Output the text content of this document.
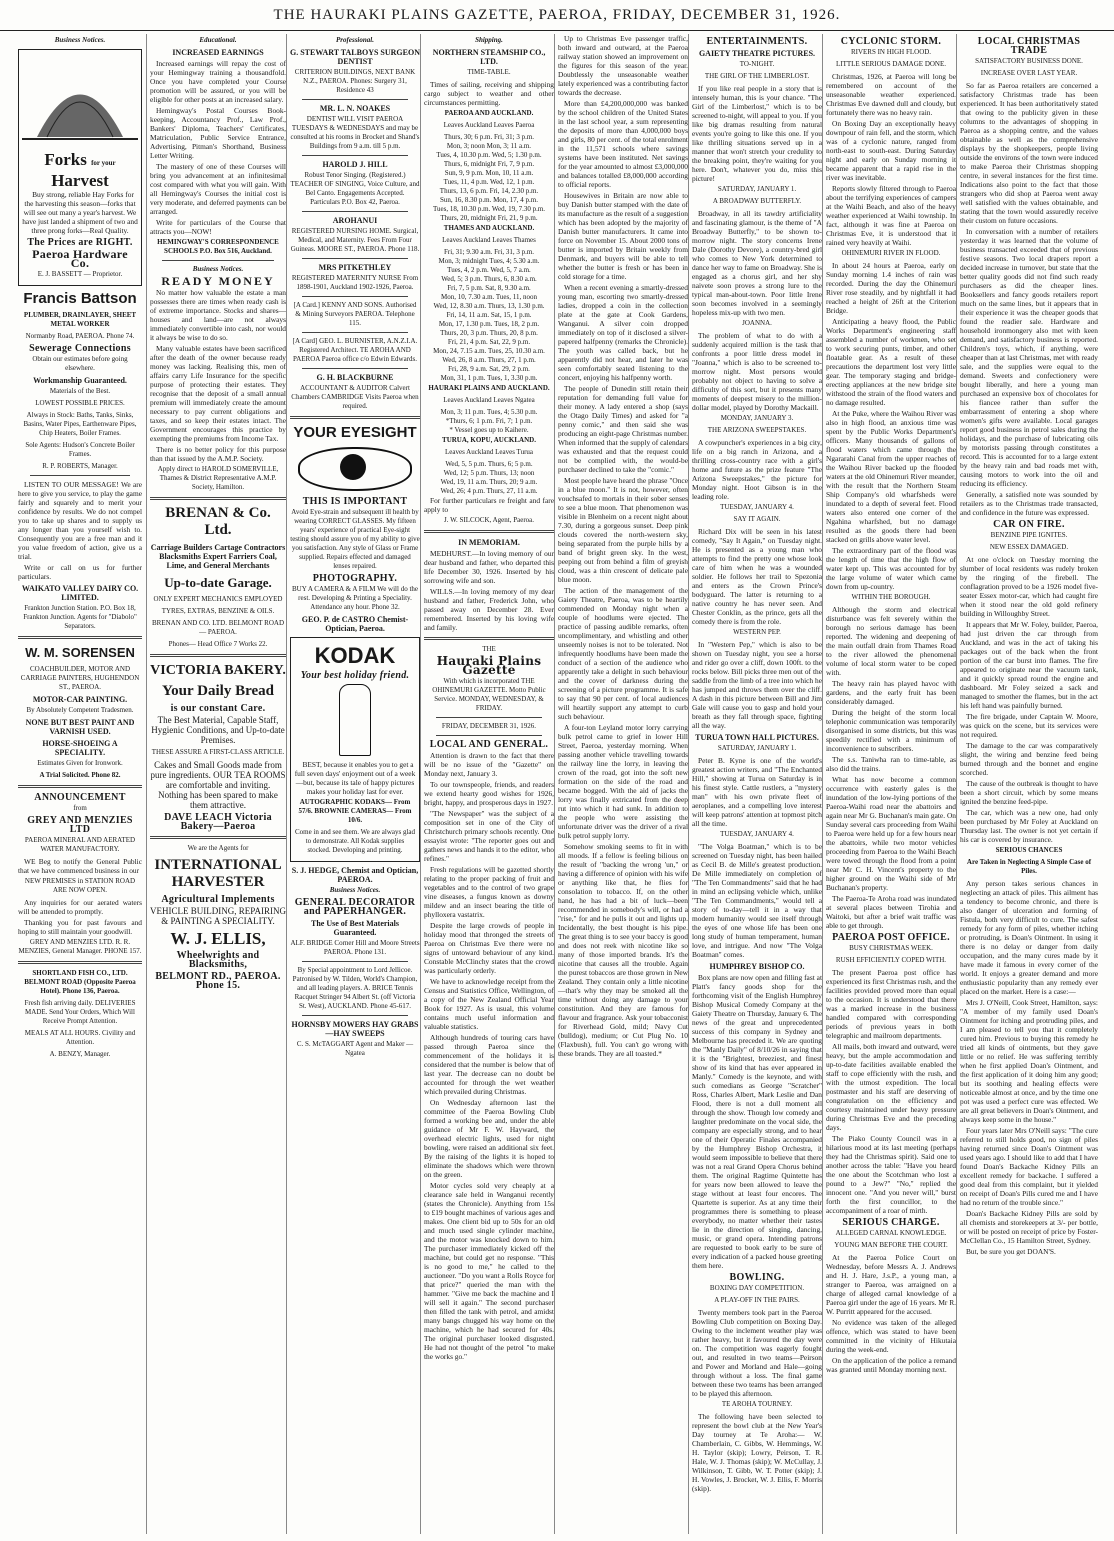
THE HAURAKI PLAINS GAZETTE, PAEROA, FRIDAY, DECEMBER 31, 1926.
Business Notices.
Forks for your Harvest

Buy strong, reliable Hay Forks for the harvesting this season—forks that will see out many a year's harvest. We have just landed a shipment of two and three prong forks—Real Quality.

The Prices are RIGHT.
Paeroa Hardware Co.
E. J. BASSETT — Proprietor.
Francis Battson
PLUMBER, DRAINLAYER, SHEET METAL WORKER
Normanby Road, PAEROA. Phone 74.
Sewerage Connections
Obtain our estimates before going elsewhere.
Workmanship Guaranteed.
Materials of the Best.
LOWEST POSSIBLE PRICES.
Always in Stock: Baths, Tanks, Sinks, Basins, Water Pipes, Earthenware Pipes, Chip Heaters, Boiler Frames.
Sole Agents: Hudson's Concrete Boiler Frames.
R. P. ROBERTS, Manager.

LISTEN TO OUR MESSAGE! We are here to give you service, to play the game fairly and squarely and to merit your confidence by results. We do not compel you to take up shares and to supply us any longer than you yourself wish to. Consequently you are a free man and it you value freedom of action, give us a trial.

Write or call on us for further particulars.

WAIKATO VALLEY DAIRY CO. LIMITED.
Frankton Junction Station. P.O. Box 18, Frankton Junction. Agents for "Diabolo" Separators.
W. M. SORENSEN
COACHBUILDER, MOTOR AND CARRIAGE PAINTERS, HUGHENDON ST., PAEROA.
MOTOR-CAR PAINTING.
By Absolutely Competent Tradesmen.
NONE BUT BEST PAINT AND VARNISH USED.
HORSE-SHOEING A SPECIALITY.
Estimates Given for Ironwork.
A Trial Solicited. Phone 82.
ANNOUNCEMENT
from
GREY AND MENZIES LTD
PAEROA MINERAL AND AERATED WATER MANUFACTORY.

WE Beg to notify the General Public that we have commenced business in our

NEW PREMISES in STATION ROAD ARE NOW OPEN.

Any inquiries for our aerated waters will be attended to promptly.

Thanking you for past favours and hoping to still maintain your goodwill.

GREY AND MENZIES LTD. R. R. MENZIES, General Manager. PHONE 157.
SHORTLAND FISH CO., LTD. BELMONT ROAD (Opposite Paeroa Hotel). Phone 136, Paeroa.
Fresh fish arriving daily. DELIVERIES MADE. Send Your Orders, Which Will Receive Prompt Attention.
MEALS AT ALL HOURS. Civility and Attention.
A. BENZY, Manager.
Educational.
INCREASED EARNINGS

Increased earnings will repay the cost of your Hemingway training a thousandfold. Once you have completed your Course promotion will be assured, or you will be eligible for other posts at an increased salary.

Hemingway's Postal Courses Book-keeping, Accountancy Prof., Law Prof., Bankers' Diploma, Teachers' Certificates, Matriculation, Public Service Entrance, Advertising, Pitman's Shorthand, Business Letter Writing.

The mastery of one of these Courses will bring you advancement at an infinitesimal cost compared with what you will gain. With all Hemingway's Courses the initial cost is very moderate, and deferred payments can be arranged.

Write for particulars of the Course that attracts you—NOW!

HEMINGWAY'S CORRESPONDENCE SCHOOLS P.O. Box 516, Auckland.
Business Notices.
READY MONEY

No matter how valuable the estate a man possesses there are times when ready cash is of extreme importance. Stocks and shares—houses and land—are not always immediately convertible into cash, nor would it always be wise to do so.

Many valuable estates have been sacrificed after the death of the owner because ready money was lacking. Realising this, men of affairs carry Life Insurance for the specific purpose of protecting their estates. They recognise that the deposit of a small annual premium will immediately create the amount necessary to pay current obligations and taxes, and so keep their estates intact. The Government encourages this practice by exempting the premiums from Income Tax.

There is no better policy for this purpose than that issued by the A.M.P. Society.

Apply direct to HAROLD SOMERVILLE, Thames & District Representative A.M.P. Society, Hamilton.
BRENAN & Co. Ltd.
Carriage Builders Cartage Contractors Blacksmiths Expert Farriers Coal, Lime, and General Merchants
Up-to-date Garage.
ONLY EXPERT MECHANICS EMPLOYED
TYRES, EXTRAS, BENZINE & OILS.
BRENAN AND CO. LTD. BELMONT ROAD — PAEROA.
Phones— Head Office 7 Works 22.
VICTORIA BAKERY.
Your Daily Bread
is our constant Care.
The Best Material, Capable Staff, Hygienic Conditions, and Up-to-date Premises.
THESE ASSURE A FIRST-CLASS ARTICLE.
Cakes and Small Goods made from pure ingredients. OUR TEA ROOMS are comfortable and inviting. Nothing has been spared to make them attractive.
DAVE LEACH Victoria Bakery—Paeroa
We are the Agents for
INTERNATIONAL HARVESTER
Agricultural Implements
VEHICLE BUILDING, REPAIRING & PAINTING A SPECIALITY.
W. J. ELLIS,
Wheelwrights and Blacksmiths,
BELMONT RD., PAEROA. Phone 15.
Professional.
G. STEWART TALBOYS SURGEON DENTIST
CRITERION BUILDINGS, NEXT BANK N.Z., PAEROA. Phones: Surgery 31, Residence 43
MR. L. N. NOAKES
DENTIST WILL VISIT PAEROA TUESDAYS & WEDNESDAYS and may be consulted at his rooms in Brocket and Shand's Buildings from 9 a.m. till 5 p.m.
HAROLD J. HILL
Robust Tenor Singing. (Registered.) TEACHER OF SINGING, Voice Culture, and Bel Canto. Engagements Accepted. Particulars P.O. Box 42, Paeroa.
AROHANUI
REGISTERED NURSING HOME. Surgical, Medical, and Maternity. Fees From Four Guineas. MOORE ST., PAEROA. Phone 118.
MRS PITKETHLEY
REGISTERED MATERNITY NURSE From 1898-1901, Auckland 1902-1926, Paeroa.
[A Card.] KENNY AND SONS. Authorised & Mining Surveyors PAEROA. Telephone 115.
[A Card] GEO. L. BURNISTER, A.N.Z.I.A. Registered Architect. TE AROHA AND PAEROA Paeroa office c/o Edwin Edwards.
G. H. BLACKBURNE
ACCOUNTANT & AUDITOR Calvert Chambers CAMBRIDGE Visits Paeroa when required.
YOUR EYESIGHT
THIS IS IMPORTANT
Avoid Eye-strain and subsequent ill health by wearing CORRECT GLASSES. My fifteen years' experience of practical Eye-sight testing should assure you of my ability to give you satisfaction. Any style of Glass or Frame supplied. Repairs effected and damaged lenses repaired.
PHOTOGRAPHY.
BUY A CAMERA & A FILM We will do the rest. Developing & Printing a Speciality. Attendance any hour. Phone 32.
GEO. P. de CASTRO Chemist-Optician, Paeroa.
KODAK
Your best holiday friend.

BEST, because it enables you to get a full seven days' enjoyment out of a week—but, because its tale of happy pictures makes your holiday last for ever.

AUTOGRAPHIC KODAKS— From 57/6. BROWNIE CAMERAS— From 10/6.
Come in and see them. We are always glad to demonstrate. All Kodak supplies stocked. Developing and printing.
S. J. HEDGE, Chemist and Optician, PAEROA.
Business Notices.
GENERAL DECORATOR and PAPERHANGER.
The Use of Best Materials Guaranteed.
ALF. BRIDGE Corner Hill and Moore Streets PAEROA. Phone 131.
By Special appointment to Lord Jellicoe. Patronised by W. Tilden, World's Champion, and all leading players. A. BRICE Tennis Racquet Stringer 94 Albert St. (off Victoria St. West), AUCKLAND. Phone 45-617.
HORNSBY MOWERS HAY GRABS—HAY SWEEPS
C. S. McTAGGART Agent and Maker — Ngatea
Shipping.
NORTHERN STEAMSHIP CO., LTD.
TIME-TABLE.

Times of sailing, receiving and shipping cargo subject to weather and other circumstances permitting.

PAEROA AND AUCKLAND.
Leaves Auckland Leaves Paeroa
Thurs, 30; 6 p.m. Fri, 31; 3 p.m.
Mon, 3; noon Mon, 3; 11 a.m.
Tues, 4, 10.30 p.m. Wed, 5; 1.30 p.m.
Thurs, 6, midnight Fri, 7, 9 p.m.
Sun, 9, 9 p.m. Mon, 10, 11 a.m.
Tues, 11, 4 p.m. Wed, 12, 1 p.m.
Thurs, 13, 6 p.m. Fri, 14, 2.30 p.m.
Sun, 16, 8.30 p.m. Mon, 17, 4 p.m.
Tues, 18, 10.30 p.m. Wed, 19, 7.30 p.m.
Thurs, 20, midnight Fri, 21, 9 p.m.
THAMES AND AUCKLAND.
Leaves Auckland Leaves Thames
Fri, 31; 9.30 a.m. Fri, 31, 3 p.m.
Mon, 3; midnight Tues, 4; 5.30 a.m.
Tues, 4, 2 p.m. Wed, 5, 7 a.m.
Wed, 5; 3 p.m. Thurs, 6, 8.30 a.m.
Fri, 7, 5 p.m. Sat, 8, 9.30 a.m.
Mon, 10, 7.30 a.m. Tues, 11, noon
Wed, 12, 8.30 a.m. Thurs, 13, 1.30 p.m.
Fri, 14, 11 a.m. Sat, 15, 1 p.m.
Mon, 17, 1.30 p.m. Tues, 18, 2 p.m.
Thurs, 20, 3 p.m. Thurs, 20, 8 p.m.
Fri, 21, 4 p.m. Sat, 22, 9 p.m.
Mon, 24, 7.15 a.m. Tues, 25, 10.30 a.m.
Wed, 26, 8 a.m. Thurs, 27, 1 p.m.
Fri, 28, 9 a.m. Sat, 29, 2 p.m.
Mon, 31, 1 p.m. Tues, 1, 3.30 p.m.
HAURAKI PLAINS AND AUCKLAND.
Leaves Auckland Leaves Ngatea
Mon, 3; 11 p.m. Tues, 4; 5.30 p.m.
*Thurs, 6; 1 p.m. Fri, 7; 1 p.m.
* Vessel goes up to Kaihere.
TURUA, KOPU, AUCKLAND.
Leaves Auckland Leaves Turua
Wed, 5, 5 p.m. Thurs, 6; 5 p.m.
Wed, 12; 5 p.m. Thurs, 13; noon
Wed, 19, 11 a.m. Thurs, 20; 9 a.m.
Wed, 26; 4 p.m. Thurs, 27, 11 a.m.

For further particulars re freight and fare apply to

J. W. SILCOCK, Agent, Paeroa.
IN MEMORIAM.

MEDHURST.—In loving memory of our dear husband and father, who departed this life December 30, 1926. Inserted by his sorrowing wife and son.

WILLS.—In loving memory of my dear husband and father, Frederick John, who passed away on December 28. Ever remembered. Inserted by his loving wife and family.

THE
Hauraki Plains Gazette
With which is incorporated THE OHINEMURI GAZETTE. Motto Public Service. MONDAY, WEDNESDAY, & FRIDAY.
FRIDAY, DECEMBER 31, 1926.
LOCAL AND GENERAL.

Attention is drawn to the fact that there will be no issue of the "Gazette" on Monday next, January 3.

To our townspeople, friends, and readers we extend hearty good wishes for 1926, bright, happy, and prosperous days in 1927.

"The Newspaper" was the subject of a composition set in one of the City of Christchurch primary schools recently. One essayist wrote: "The reporter goes out and gathers news and hands it to the editor, who refines."

Fresh regulations will be gazetted shortly relating to the proper packing of fruit and vegetables and to the control of two grape vine diseases, a fungus known as downy mildew and an insect bearing the title of phylloxera vastatrix.

Despite the large crowds of people in holiday mood that thronged the streets of Paeroa on Christmas Eve there were no signs of untoward behaviour of any kind. Constable McClinchy states that the crowd was particularly orderly.

We have to acknowledge receipt from the Census and Statistics Office, Wellington, of a copy of the New Zealand Official Year Book for 1927. As is usual, this volume contains much useful information and valuable statistics.

Although hundreds of touring cars have passed through Paeroa since the commencement of the holidays it is considered that the number is below that of last year. The decrease can no doubt be accounted for through the wet weather which prevailed during Christmas.

On Wednesday afternoon last the committee of the Paeroa Bowling Club formed a working bee and, under the able guidance of Mr F. W. Hayward, the overhead electric lights, used for night bowling, were raised an additional six feet. By the raising of the lights it is hoped to eliminate the shadows which were thrown on the green.

Motor cycles sold very cheaply at a clearance sale held in Wanganui recently (states the Chronicle). Anything from 15s to £19 bought machines of various ages and makes. One client bid up to 50s for an old and much used single cylinder machine, and the motor was knocked down to him. The purchaser immediately kicked off the machine, but could get no response. "This is no good to me," he called to the auctioneer. "Do you want a Rolls Royce for that price?" queried the man with the hammer. "Give me back the machine and I will sell it again." The second purchaser then filled the tank with petrol, and amidst many bangs chugged his way home on the machine, which he had secured for 40s. The original purchaser looked disgusted. He had not thought of the petrol "to make the works go."

Up to Christmas Eve passenger traffic, both inward and outward, at the Paeroa railway station showed an improvement on the figures for this season of the year. Doubtlessly the unseasonable weather lately experienced was a contributing factor towards the decrease.

More than £4,200,000,000 was banked by the school children of the United States in the last school year, a sum representing the deposits of more than 4,000,000 boys and girls, 80 per cent. of the total enrolment in the 11,571 schools where savings systems have been instituted. Net savings for the year amounted to almost £3,000,000 and balances totalled £8,000,000 according to official reports.

Housewives in Britain are now able to buy Danish butter stamped with the date of its manufacture as the result of a suggestion which has been adopted by the majority of Danish butter manufacturers. It came into force on November 15. About 2000 tons of butter is imported by Britain weekly from Denmark, and buyers will be able to tell whether the butter is fresh or has been in cold storage for a time.

When a recent evening a smartly-dressed young man, escorting two smartly-dressed ladies, dropped a coin in the collection plate at the gate at Cook Gardens, Wanganui. A silver coin dropped immediately on top of it disclosed a silver-papered halfpenny (remarks the Chronicle). The youth was called back, but he apparently did not hear, and later he was seen comfortably seated listening to the concert, enjoying his halfpenny worth.

The people of Dunedin still retain their reputation for demanding full value for their money. A lady entered a shop (says the Otago Daily Times) and asked for "a penny comic," and then said she was producing an eight-page Christmas number. When informed that the supply of calendars was exhausted and that the request could not be complied with, the would-be purchaser declined to take the "comic."

Most people have heard the phrase "Once in a blue moon." It is not, however, often vouchsafed to mortals in their sober senses to see a blue moon. That phenomenon was visible in Blenheim on a recent night about 7.30, during a gorgeous sunset. Deep pink clouds covered the north-western sky, being separated from the purple hills by a band of bright green sky. In the west, peeping out from behind a film of greyish cloud, was a thin crescent of delicate pale blue moon.

The action of the management of the Gaiety Theatre, Paeroa, was to be heartily commended on Monday night when a couple of hoodlums were ejected. The practice of passing audible remarks, often uncomplimentary, and whistling and other unseemly noises is not to be tolerated. Not infrequently hoodlums have been made the conduct of a section of the audience who apparently take a delight in such behaviour and the cover of darkness during the screening of a picture programme. It is safe to say that 90 per cent. of local audiences will heartily support any attempt to curb such behaviour.

A four-ton Leyland motor lorry carrying bulk petrol came to grief in lower Hill Street, Paeroa, yesterday morning. When passing another vehicle travelling towards the railway line the lorry, in leaving the crown of the road, got into the soft new formation on the side of the road and became bogged. With the aid of jacks the lorry was finally extricated from the deep rut into which it had sunk. In addition to the people who were assisting the unfortunate driver was the driver of a rival bulk petrol supply lorry.

Somehow smoking seems to fit in with all moods. If a fellow is feeling bilious on the result of "backing the wrong 'un," or having a difference of opinion with his wife or anything like that, he flies for consolation to tobacco. If, on the other hand, he has had a bit of luck—been recommended in somebody's will, or had a "rise," for and he pulls it out and lights up. Incidentally, the best thought is his pipe. The great thing is to see your baccy is good and does not reek with nicotine like so many of those imported brands. It's the nicotine that causes all the trouble. Again the purest tobaccos are those grown in New Zealand. They contain only a little nicotine—that's why they may be smoked all the time without doing any damage to your constitution. And they are famous for flavour and fragrance. Ask your tobacconist for Riverhead Gold, mild; Navy Cut (bulldog), medium; or Cut Plug No. 10 (Flaxbush), full. You can't go wrong with these brands. They are all toasted.*

ENTERTAINMENTS.
GAIETY THEATRE PICTURES.
TO-NIGHT.
THE GIRL OF THE LIMBERLOST.

If you like real people in a story that is intensely human, this is your chance. "The Girl of the Limberlost," which is to be screened to-night, will appeal to you. If you like big dramas resulting from natural events you're going to like this one. If you like thrilling situations served up in a manner that won't stretch your credulity to the breaking point, they're waiting for you here. Don't, whatever you do, miss this picture!

SATURDAY, JANUARY 1.
A BROADWAY BUTTERFLY.

Broadway, in all its tawdry artificiality and fascinating glamour, is the theme of "A Broadway Butterfly," to be shown to-morrow night. The story concerns Irene Dale (Dorothy Devore), a country-bred girl who comes to New York determined to dance her way to fame on Broadway. She is engaged as a chorus girl, and her shy naivete soon proves a strong lure to the typical man-about-town. Poor little Irene soon becomes involved in a seemingly hopeless mix-up with two men.

JOANNA.

The problem of what to do with a suddenly acquired million is the task that confronts a poor little dress model in "Joanna," which is also to be screened to-morrow night. Most persons would probably not object to having to solve a difficulty of this sort, but it presents many moments of deepest misery to the million-dollar model, played by Dorothy Mackaill.

MONDAY, JANUARY 3.
THE ARIZONA SWEEPSTAKES.

A cowpuncher's experiences in a big city, life on a big ranch in Arizona, and a thrilling cross-country race with a girl's home and future as the prize feature "The Arizona Sweepstakes," the picture for Monday night. Hoot Gibson is in the leading role.

TUESDAY, JANUARY 4.
SAY IT AGAIN.

Richard Dix will be seen in his latest comedy, "Say It Again," on Tuesday night. He is presented as a young man who attempts to find the pretty one whose look care of him when he was a wounded soldier. He follows her trail to Spezonia and enters as the Crown Prince's bodyguard. The latter is returning to a native country he has never seen. And Chester Conklin, as the prince, gets all the comedy there is from the role.

WESTERN PEP.

In "Western Pep," which is also to be shown on Tuesday night, you see a horse and rider go over a cliff, down 100ft. to the rocks below. Bill picks three men out of the saddle from the limb of a tree into which he has jumped and throws them over the cliff. A dash in this picture between Bill and Jim Gale will cause you to gasp and hold your breath as they fall through space, fighting all the way.

TURUA TOWN HALL PICTURES.
SATURDAY, JANUARY 1.

Peter B. Kyne is one of the world's greatest action writers, and "The Enchanted Hill," showing at Turua on Saturday is in his finest style. Cattle rustlers, a "mystery man" with his own private fleet of aeroplanes, and a compelling love interest will keep patrons' attention at topmost pitch all the time.

TUESDAY, JANUARY 4.

"The Volga Boatman," which is to be screened on Tuesday night, has been hailed as Cecil B. de Mille's greatest production. De Mille immediately on completion of "The Ten Commandments" said that he had in mind an eclipsing vehicle which, unlike "The Ten Commandments," would tell a story of to-day—tell it in a way that modern humanity would see itself through the eyes of one whose life has been one long study of human temperament, human love, and intrigue. And now "The Volga Boatman" comes.

HUMPHREY BISHOP CO.

Box plans are now open and filling fast at Platt's fancy goods shop for the forthcoming visit of the English Humphrey Bishop Musical Comedy Company at the Gaiety Theatre on Thursday, January 6. The news of the great and unprecedented success of this company in Sydney and Melbourne has preceded it. We are quoting the "Manly Daily" of 8/10/26 in saying that it is the "Brightest, breeziest, and finest show of its kind that has ever appeared in Manly." Comedy is the keynote, and with such comedians as George "Scratcher" Ross, Charles Albert, Mark Leslie and Dan Flood, there is not a dull moment all through the show. Though low comedy and laughter predominate on the vocal side, the company are especially strong, and to hear one of their Operatic Finales accompanied by the Humphrey Bishop Orchestra, it would seem impossible to believe that there was not a real Grand Opera Chorus behind them. The original Ragtime Quintette has for years now been allowed to leave the stage without at least four encores. The Quartette is superior. As at any time their programmes there is something to please everybody, no matter whether their tastes lie in the direction of singing, dancing, music, or grand opera. Intending patrons are requested to book early to be sure of every indication of a packed house greeting them here.

BOWLING.
BOXING DAY COMPETITION.
A PLAY-OFF IN THE PAIRS.

Twenty members took part in the Paeroa Bowling Club competition on Boxing Day. Owing to the inclement weather play was rather heavy, but it favoured the day were on. The competition was eagerly fought out, and resulted in two teams—Peirson and Power and Morland and Hale—going through without a loss. The final game between these two teams has been arranged to be played this afternoon.

TE AROHA TOURNEY.

The following have been selected to represent the bowl club at the New Year's Day tourney at Te Aroha:— W. Chamberlain, C. Gibbs, W. Hemmings, W. H. Taylor (skip); Lowry, Peirson, T. R. Hale, W. J. Thomas (skip); W. McCullay, J. Wilkinson, T. Gibb, W. T. Potter (skip); J. H. Vowles, J. Brocket, W. J. Ellis, F. Morris (skip).

CYCLONIC STORM.
RIVERS IN HIGH FLOOD.
LITTLE SERIOUS DAMAGE DONE.

Christmas, 1926, at Paeroa will long be remembered on account of the unseasonable weather experienced. Christmas Eve dawned dull and cloudy, but fortunately there was no heavy rain.

On Boxing Day an exceptionally heavy downpour of rain fell, and the storm, which was of a cyclonic nature, ranged from north-east to south-east. During Saturday night and early on Sunday morning it became apparent that a rapid rise in the river was inevitable.

Reports slowly filtered through to Paeroa about the terrifying experiences of campers at the Waihi Beach, and also of the heavy weather experienced at Waihi township. In fact, although it was fine at Paeroa on Christmas Eve, it is understood that it rained very heavily at Waihi.

OHINEMURI RIVER IN FLOOD.

In about 24 hours at Paeroa, early on Sunday morning 1.4 inches of rain was recorded. During the day the Ohinemuri River rose steadily, and by nightfall it had reached a height of 26ft at the Criterion Bridge.

Anticipating a heavy flood, the Public Works Department's engineering staff assembled a number of workmen, who set to work securing punts, timber, and other floatable gear. As a result of these precautions the department lost very little gear. The temporary staging and bridge-erecting appliances at the new bridge site withstood the strain of the flood waters and no damage resulted.

At the Puke, where the Waihou River was also in high flood, an anxious time was spent by the Public Works Department's officers. Many thousands of gallons of flood waters which came through the Ngararahi Canal from the upper reaches of the Waihou River backed up the flooded waters at the old Ohinemuri River meander, with the result that the Northern Steam Ship Company's old wharfsheds were inundated to a depth of several feet. Flood waters also entered one corner of the Ngahina wharfshed, but no damage resulted as the goods there had been stacked on grills above water level.

The extraordinary part of the flood was the length of time that the high flow of water kept up. This was accounted for by the large volume of water which came down from up-country.

WITHIN THE BOROUGH.

Although the storm and electrical disturbance was felt severely within the borough no serious damage has been reported. The widening and deepening of the main outfall drain from Thames Road to the river allowed the phenomenal volume of local storm water to be coped with.

The heavy rain has played havoc with gardens, and the early fruit has been considerably damaged.

During the height of the storm local telephonic communication was temporarily disorganised in some districts, but this was speedily rectified with a minimum of inconvenience to subscribers.

The s.s. Taniwha ran to time-table, as also did the trains.

What has now become a common occurrence with easterly gales is the inundation of the low-lying portions of the Paeroa-Waihi road near the abattoirs and again near Mr G. Buchanan's main gate. On Sunday several cars proceeding from Waihi to Paeroa were held up for a few hours near the abattoirs, while two motor vehicles proceeding from Paeroa to the Waihi Beach were towed through the flood from a point near Mr C. H. Vincent's property to the higher ground on the Waihi side of Mr Buchanan's property.

The Paeroa-Te Aroha road was inundated at several places between Tirohia and Waitoki, but after a brief wait traffic was able to get through.

PAEROA POST OFFICE.
BUSY CHRISTMAS WEEK.
RUSH EFFICIENTLY COPED WITH.

The present Paeroa post office has experienced its first Christmas rush, and the facilities provided proved more than equal to the occasion. It is understood that there was a marked increase in the business handled compared with corresponding periods of previous years in both telegraphic and mailroom departments.

All mails, both inward and outward, were heavy, but the ample accommodation and up-to-date facilities available enabled the staff to cope efficiently with the rush, and with the utmost expedition. The local postmaster and his staff are deserving of congratulation on the efficiency and courtesy maintained under heavy pressure during Christmas Eve and the preceding days.

The Piako County Council was in a hilarious mood at its last meeting (perhaps they had the Christmas spirit). Said one to another across the table: "Have you heard the one about the Scotchman who lost a pound to a Jew?" "No," replied the innocent one. "And you never will," burst forth the first councillor, to the accompaniment of a roar of mirth.

SERIOUS CHARGE.
ALLEGED CARNAL KNOWLEDGE.
YOUNG MAN BEFORE THE COURT.

At the Paeroa Police Court on Wednesday, before Messrs A. J. Andrews and H. J. Hare, J.s.P., a young man, a stranger to Paeroa, was arraigned on a charge of alleged carnal knowledge of a Paeroa girl under the age of 16 years. Mr R. W. Purritt appeared for the accused.

No evidence was taken of the alleged offence, which was stated to have been committed in the vicinity of Hikutaia during the week-end.

On the application of the police a remand was granted until Monday morning next.

LOCAL CHRISTMAS TRADE
SATISFACTORY BUSINESS DONE.
INCREASE OVER LAST YEAR.

So far as Paeroa retailers are concerned a satisfactory Christmas trade has been experienced. It has been authoritatively stated that owing to the publicity given in these columns to the advantages of shopping in Paeroa as a shopping centre, and the values obtainable as well as the comprehensive displays by the shopkeepers, people living outside the environs of the town were induced to make Paeroa their Christmas shopping centre, in several instances for the first time. Indications also point to the fact that those strangers who did shop at Paeroa went away well satisfied with the values obtainable, and stating that the town would assuredly receive their custom on future occasions.

In conversation with a number of retailers yesterday it was learned that the volume of business transacted exceeded that of previous festive seasons. Two local drapers report a decided increase in turnover, but state that the better quality goods did not find such ready purchasers as did the cheaper lines. Booksellers and fancy goods retailers report much on the same lines, but it appears that in their experience it was the cheaper goods that found the readier sale. Hardware and household ironmongery also met with keen demand, and satisfactory business is reported. Children's toys, which, if anything, were cheaper than at last Christmas, met with ready sale, and the supplies were equal to the demand. Sweets and confectionery were bought liberally, and here a young man purchased an expensive box of chocolates for his fiancee rather than suffer the embarrassment of entering a shop where women's gifts were available. Local garages report good business in petrol sales during the holidays, and the purchase of lubricating oils by motorists passing through constitutes a record. This is accounted for to a large extent by the heavy rain and bad roads met with, causing motors to work into the oil and reducing its efficiency.

Generally, a satisfied note was sounded by retailers as to the Christmas trade transacted, and confidence in the future was expressed.

CAR ON FIRE.
BENZINE PIPE IGNITES.
NEW ESSEX DAMAGED.

At one o'clock on Tuesday morning the slumber of local residents was rudely broken by the ringing of the firebell. The conflagration proved to be a 1926 model five-seater Essex motor-car, which had caught fire when it stood near the old gold refinery building in Willoughby Street.

It appears that Mr W. Foley, builder, Paeroa, had just driven the car through from Auckland, and was in the act of taking his packages out of the back when the front portion of the car burst into flames. The fire appeared to originate near the vacuum tank, and it quickly spread round the engine and dashboard. Mr Foley seized a sack and managed to smother the flames, but in the act his left hand was painfully burned.

The fire brigade, under Captain W. Moore, was quick on the scene, but its services were not required.

The damage to the car was comparatively slight, the wiring and benzine feed being burned through and the bonnet and engine scorched.

The cause of the outbreak is thought to have been a short circuit, which by some means ignited the benzine feed-pipe.

The car, which was a new one, had only been purchased by Mr Foley at Auckland on Thursday last. The owner is not yet certain if his car is covered by insurance.

SERIOUS CHANCES
Are Taken in Neglecting A Simple Case of Piles.

Any person takes serious chances in neglecting an attack of piles. This ailment has a tendency to become chronic, and there is also danger of ulceration and forming of Fistula, both very difficult to cure. The safest remedy for any form of piles, whether itching or protruding, is Doan's Ointment. In using it there is no delay or danger from daily occupation, and the many cures made by it have made it famous in every corner of the world. It enjoys a greater demand and more enthusiastic popularity than any remedy ever placed on the market. Here is a case:—

Mrs J. O'Neill, Cook Street, Hamilton, says: "A member of my family used Doan's Ointment for itching and protruding piles, and I am pleased to tell you that it completely cured him. Previous to buying this remedy he tried all kinds of ointments, but they gave little or no relief. He was suffering terribly when he first applied Doan's Ointment, and the first application of it doing him any good; but its soothing and healing effects were noticeable almost at once, and by the time one pot was used a perfect cure was effected. We are all great believers in Doan's Ointment, and always keep some in the house."

Four years later Mrs O'Neill says: "The cure referred to still holds good, no sign of piles having returned since Doan's Ointment was used years ago. I should like to add that I have found Doan's Backache Kidney Pills an excellent remedy for backache. I suffered a good deal from this complaint, but it yielded on receipt of Doan's Pills cured me and I have had no return of the trouble since."

Doan's Backache Kidney Pills are sold by all chemists and storekeepers at 3/- per bottle, or will be posted on receipt of price by Foster-McClellan Co., 15 Hamilton Street, Sydney.

But, be sure you get DOAN'S.
